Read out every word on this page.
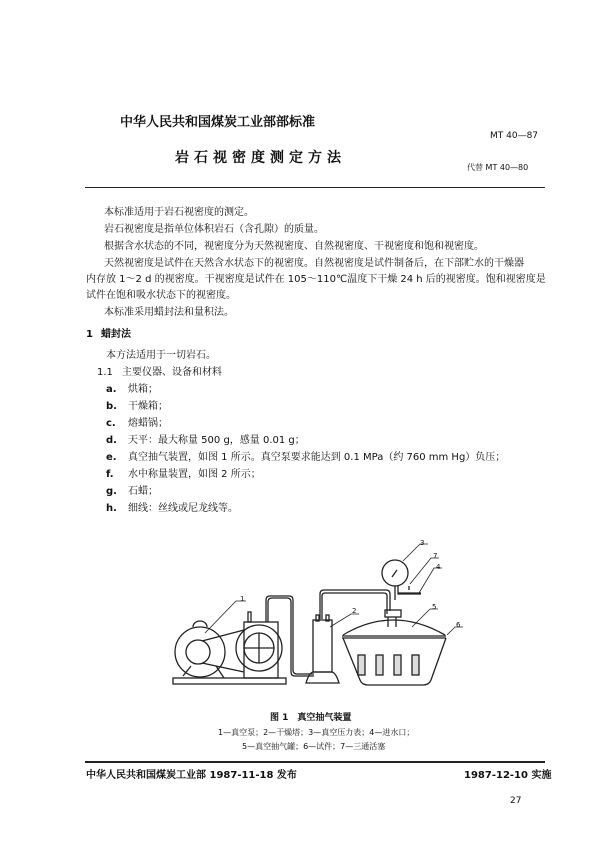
中华人民共和国煤炭工业部部标准
MT 40—87
岩石视密度测定方法
代替 MT 40—80
本标准适用于岩石视密度的测定。
岩石视密度是指单位体积岩石（含孔隙）的质量。
根据含水状态的不同，视密度分为天然视密度、自然视密度、干视密度和饱和视密度。
天然视密度是试件在天然含水状态下的视密度。自然视密度是试件制备后，在下部贮水的干燥器
内存放 1～2 d 的视密度。干视密度是试件在 105～110℃温度下干燥 24 h 后的视密度。饱和视密度是
试件在饱和吸水状态下的视密度。
本标准采用蜡封法和量积法。
1 蜡封法
本方法适用于一切岩石。
1.1 主要仪器、设备和材料
a. 烘箱；
b. 干燥箱；
c. 熔蜡锅；
d. 天平：最大称量 500 g，感量 0.01 g；
e. 真空抽气装置，如图 1 所示。真空泵要求能达到 0.1 MPa（约 760 mm Hg）负压；
f. 水中称量装置，如图 2 所示；
g. 石蜡；
h. 细线：丝线或尼龙线等。
1
2
3
7
4
5
6
图 1　真空抽气装置
1—真空泵；2—干燥塔；3—真空压力表；4—进水口；
5—真空抽气罐；6—试件；7—三通活塞
中华人民共和国煤炭工业部 1987-11-18 发布	1987-12-10 实施
27
